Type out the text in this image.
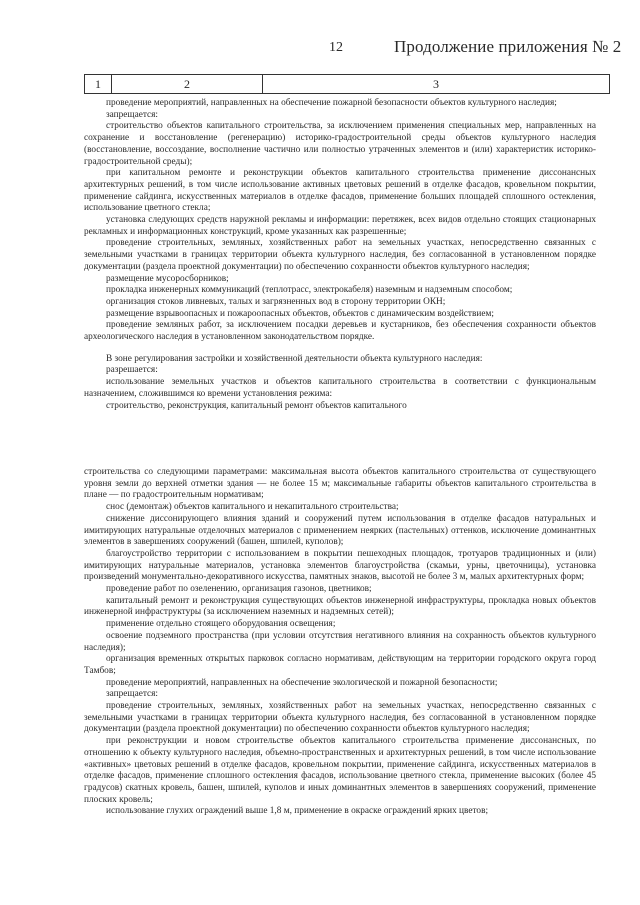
12	Продолжение приложения № 2
1	2	3

проведение мероприятий, направленных на обеспечение пожарной безопасности объектов культурного наследия;

запрещается:

строительство объектов капитального строительства, за исключением применения специальных мер, направленных на сохранение и восстановление (регенерацию) историко-градостроительной среды объектов культурного наследия (восстановление, воссоздание, восполнение частично или полностью утраченных элементов и (или) характеристик историко-градостроительной среды);

при капитальном ремонте и реконструкции объектов капитального строительства применение диссонансных архитектурных решений, в том числе использование активных цветовых решений в отделке фасадов, кровельном покрытии, применение сайдинга, искусственных материалов в отделке фасадов, применение больших площадей сплошного остекления, использование цветного стекла;

установка следующих средств наружной рекламы и информации: перетяжек, всех видов отдельно стоящих стационарных рекламных и информационных конструкций, кроме указанных как разрешенные;

проведение строительных, земляных, хозяйственных работ на земельных участках, непосредственно связанных с земельными участками в границах территории объекта культурного наследия, без согласованной в установленном порядке документации (раздела проектной документации) по обеспечению сохранности объектов культурного наследия;

размещение мусоросборников;

прокладка инженерных коммуникаций (теплотрасс, электрокабеля) наземным и надземным способом;

организация стоков ливневых, талых и загрязненных вод в сторону территории ОКН;

размещение взрывоопасных и пожароопасных объектов, объектов с динамическим воздействием;

проведение земляных работ, за исключением посадки деревьев и кустарников, без обеспечения сохранности объектов археологического наследия в установленном законодательством порядке.

В зоне регулирования застройки и хозяйственной деятельности объекта культурного наследия:

разрешается:

использование земельных участков и объектов капитального строительства в соответствии с функциональным назначением, сложившимся ко времени установления режима:

строительство, реконструкция, капитальный ремонт объектов капитального

строительства со следующими параметрами: максимальная высота объектов капитального строительства от существующего уровня земли до верхней отметки здания — не более 15 м; максимальные габариты объектов капитального строительства в плане — по градостроительным нормативам;

снос (демонтаж) объектов капитального и некапитального строительства;

снижение диссонирующего влияния зданий и сооружений путем использования в отделке фасадов натуральных и имитирующих натуральные отделочных материалов с применением неярких (пастельных) оттенков, исключение доминантных элементов в завершениях сооружений (башен, шпилей, куполов);

благоустройство территории с использованием в покрытии пешеходных площадок, тротуаров традиционных и (или) имитирующих натуральные материалов, установка элементов благоустройства (скамьи, урны, цветочницы), установка произведений монументально-декоративного искусства, памятных знаков, высотой не более 3 м, малых архитектурных форм;

проведение работ по озеленению, организация газонов, цветников;

капитальный ремонт и реконструкция существующих объектов инженерной инфраструктуры, прокладка новых объектов инженерной инфраструктуры (за исключением наземных и надземных сетей);

применение отдельно стоящего оборудования освещения;

освоение подземного пространства (при условии отсутствия негативного влияния на сохранность объектов культурного наследия);

организация временных открытых парковок согласно нормативам, действующим на территории городского округа город Тамбов;

проведение мероприятий, направленных на обеспечение экологической и пожарной безопасности;

запрещается:

проведение строительных, земляных, хозяйственных работ на земельных участках, непосредственно связанных с земельными участками в границах территории объекта культурного наследия, без согласованной в установленном порядке документации (раздела проектной документации) по обеспечению сохранности объектов культурного наследия;

при реконструкции и новом строительстве объектов капитального строительства применение диссонансных, по отношению к объекту культурного наследия, объемно-пространственных и архитектурных решений, в том числе использование «активных» цветовых решений в отделке фасадов, кровельном покрытии, применение сайдинга, искусственных материалов в отделке фасадов, применение сплошного остекления фасадов, использование цветного стекла, применение высоких (более 45 градусов) скатных кровель, башен, шпилей, куполов и иных доминантных элементов в завершениях сооружений, применение плоских кровель;

использование глухих ограждений выше 1,8 м, применение в окраске ограждений ярких цветов;
